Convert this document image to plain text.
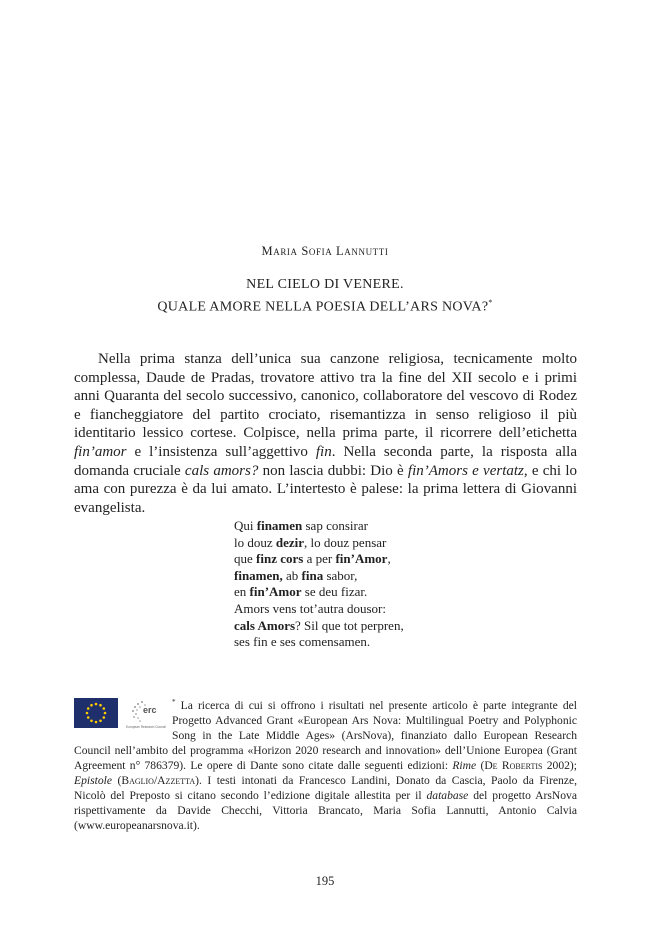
Maria Sofia Lannutti
NEL CIELO DI VENERE.
QUALE AMORE NELLA POESIA DELL’ARS NOVA?*

Nella prima stanza dell’unica sua canzone religiosa, tecnicamente molto complessa, Daude de Pradas, trovatore attivo tra la fine del XII secolo e i primi anni Quaranta del secolo successivo, canonico, collaboratore del vescovo di Rodez e fiancheggiatore del partito crociato, risemantizza in senso religioso il più identitario lessico cortese. Colpisce, nella prima parte, il ricorrere dell’etichetta fin’amor e l’insistenza sull’aggettivo fin. Nella seconda parte, la risposta alla domanda cruciale cals amors? non lascia dubbi: Dio è fin’Amors e vertatz, e chi lo ama con purezza è da lui amato. L’intertesto è palese: la prima lettera di Giovanni evangelista.

Qui finamen sap consirar
lo douz dezir, lo douz pensar
que finz cors a per fin’Amor,
finamen, ab fina sabor,
en fin’Amor se deu fizar.
Amors vens tot’autra dousor:
cals Amors? Sil que tot perpren,
ses fin e ses comensamen.
erc
European Research Council

* La ricerca di cui si offrono i risultati nel presente articolo è parte integrante del Progetto Advanced Grant «European Ars Nova: Multilingual Poetry and Polyphonic Song in the Late Middle Ages» (ArsNova), finanziato dallo European Research Council nell’ambito del programma «Horizon 2020 research and innovation» dell’Unione Europea (Grant Agreement n° 786379). Le opere di Dante sono citate dalle seguenti edizioni: Rime (De Robertis 2002); Epistole (Baglio/Azzetta). I testi intonati da Francesco Landini, Donato da Cascia, Paolo da Firenze, Nicolò del Preposto si citano secondo l’edizione digitale allestita per il database del progetto ArsNova rispettivamente da Davide Checchi, Vittoria Brancato, Maria Sofia Lannutti, Antonio Calvia (www.europeanarsnova.it).

195
